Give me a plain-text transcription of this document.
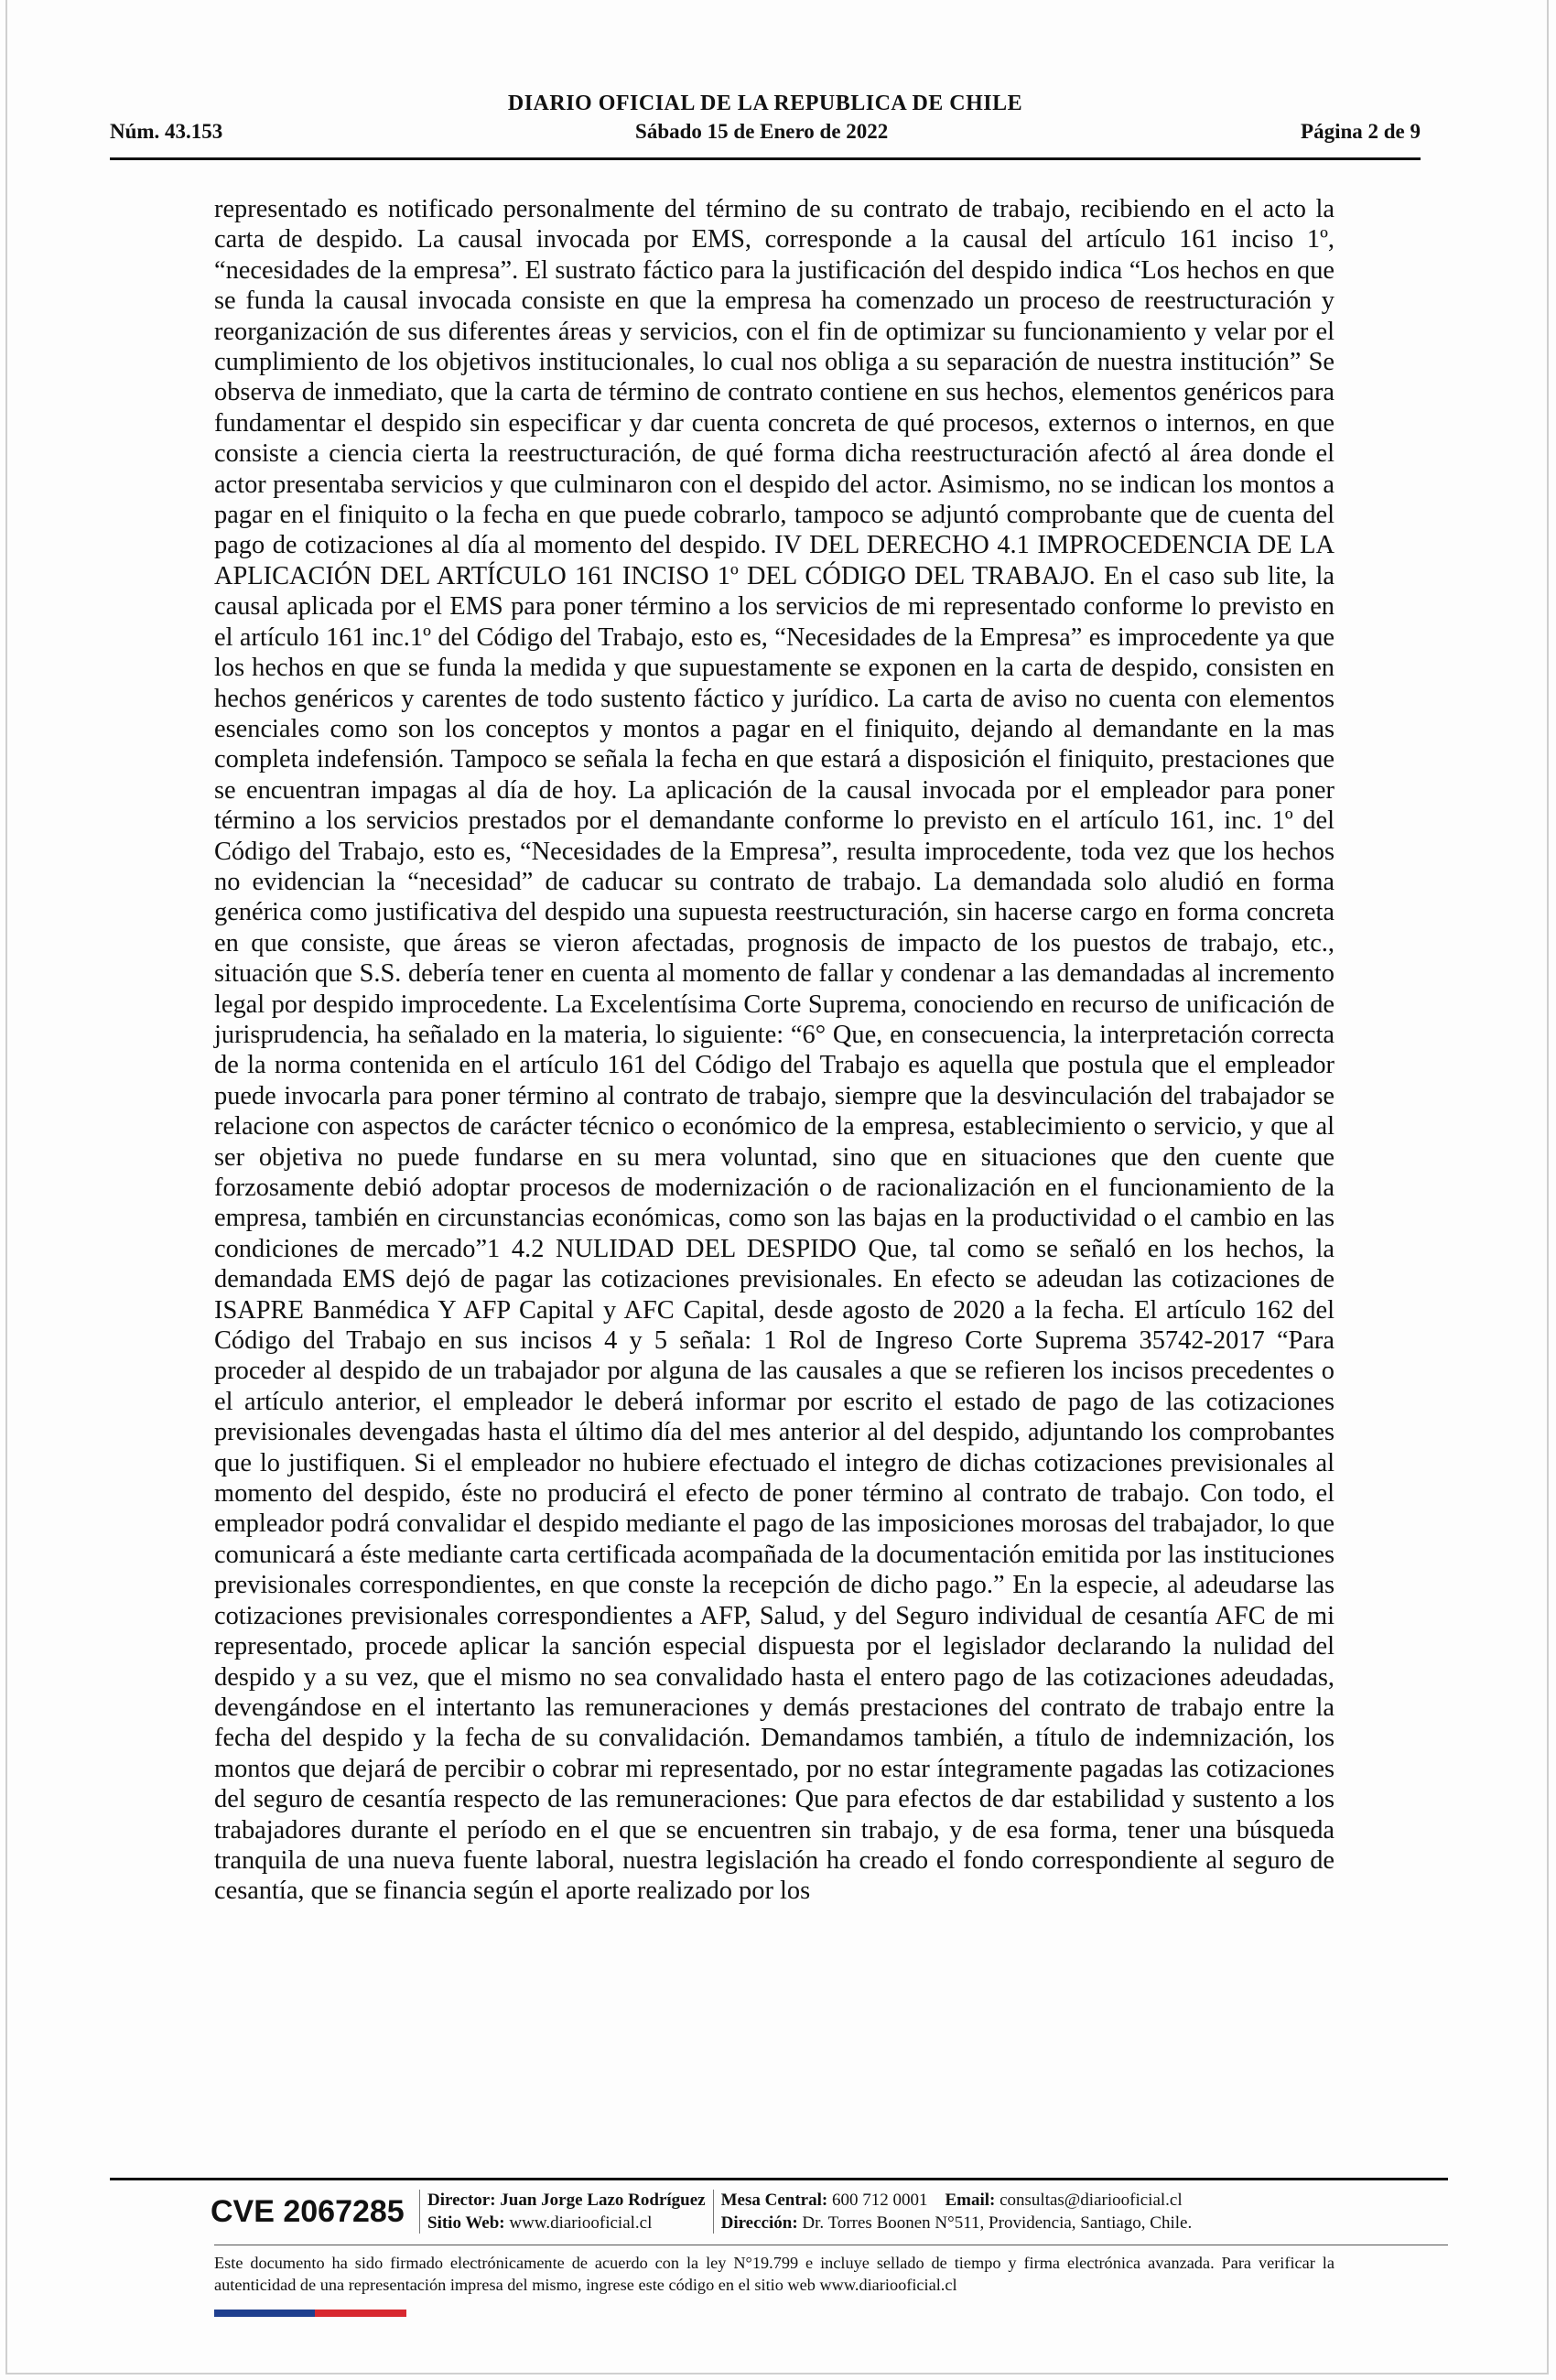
DIARIO OFICIAL DE LA REPUBLICA DE CHILE
Núm. 43.153	Sábado 15 de Enero de 2022	Página 2 de 9

representado es notificado personalmente del término de su contrato de trabajo, recibiendo en el acto la carta de despido. La causal invocada por EMS, corresponde a la causal del artículo 161 inciso 1º, “necesidades de la empresa”. El sustrato fáctico para la justificación del despido indica “Los hechos en que se funda la causal invocada consiste en que la empresa ha comenzado un proceso de reestructuración y reorganización de sus diferentes áreas y servicios, con el fin de optimizar su funcionamiento y velar por el cumplimiento de los objetivos institucionales, lo cual nos obliga a su separación de nuestra institución” Se observa de inmediato, que la carta de término de contrato contiene en sus hechos, elementos genéricos para fundamentar el despido sin especificar y dar cuenta concreta de qué procesos, externos o internos, en que consiste a ciencia cierta la reestructuración, de qué forma dicha reestructuración afectó al área donde el actor presentaba servicios y que culminaron con el despido del actor. Asimismo, no se indican los montos a pagar en el finiquito o la fecha en que puede cobrarlo, tampoco se adjuntó comprobante que de cuenta del pago de cotizaciones al día al momento del despido. IV DEL DERECHO 4.1 IMPROCEDENCIA DE LA APLICACIÓN DEL ARTÍCULO 161 INCISO 1º DEL CÓDIGO DEL TRABAJO. En el caso sub lite, la causal aplicada por el EMS para poner término a los servicios de mi representado conforme lo previsto en el artículo 161 inc.1º del Código del Trabajo, esto es, “Necesidades de la Empresa” es improcedente ya que los hechos en que se funda la medida y que supuestamente se exponen en la carta de despido, consisten en hechos genéricos y carentes de todo sustento fáctico y jurídico. La carta de aviso no cuenta con elementos esenciales como son los conceptos y montos a pagar en el finiquito, dejando al demandante en la mas completa indefensión. Tampoco se señala la fecha en que estará a disposición el finiquito, prestaciones que se encuentran impagas al día de hoy. La aplicación de la causal invocada por el empleador para poner término a los servicios prestados por el demandante conforme lo previsto en el artículo 161, inc. 1º del Código del Trabajo, esto es, “Necesidades de la Empresa”, resulta improcedente, toda vez que los hechos no evidencian la “necesidad” de caducar su contrato de trabajo. La demandada solo aludió en forma genérica como justificativa del despido una supuesta reestructuración, sin hacerse cargo en forma concreta en que consiste, que áreas se vieron afectadas, prognosis de impacto de los puestos de trabajo, etc., situación que S.S. debería tener en cuenta al momento de fallar y condenar a las demandadas al incremento legal por despido improcedente. La Excelentísima Corte Suprema, conociendo en recurso de unificación de jurisprudencia, ha señalado en la materia, lo siguiente: “6° Que, en consecuencia, la interpretación correcta de la norma contenida en el artículo 161 del Código del Trabajo es aquella que postula que el empleador puede invocarla para poner término al contrato de trabajo, siempre que la desvinculación del trabajador se relacione con aspectos de carácter técnico o económico de la empresa, establecimiento o servicio, y que al ser objetiva no puede fundarse en su mera voluntad, sino que en situaciones que den cuente que forzosamente debió adoptar procesos de modernización o de racionalización en el funcionamiento de la empresa, también en circunstancias económicas, como son las bajas en la productividad o el cambio en las condiciones de mercado”1 4.2 NULIDAD DEL DESPIDO Que, tal como se señaló en los hechos, la demandada EMS dejó de pagar las cotizaciones previsionales. En efecto se adeudan las cotizaciones de ISAPRE Banmédica Y AFP Capital y AFC Capital, desde agosto de 2020 a la fecha. El artículo 162 del Código del Trabajo en sus incisos 4 y 5 señala: 1 Rol de Ingreso Corte Suprema 35742-2017 “Para proceder al despido de un trabajador por alguna de las causales a que se refieren los incisos precedentes o el artículo anterior, el empleador le deberá informar por escrito el estado de pago de las cotizaciones previsionales devengadas hasta el último día del mes anterior al del despido, adjuntando los comprobantes que lo justifiquen. Si el empleador no hubiere efectuado el integro de dichas cotizaciones previsionales al momento del despido, éste no producirá el efecto de poner término al contrato de trabajo. Con todo, el empleador podrá convalidar el despido mediante el pago de las imposiciones morosas del trabajador, lo que comunicará a éste mediante carta certificada acompañada de la documentación emitida por las instituciones previsionales correspondientes, en que conste la recepción de dicho pago.” En la especie, al adeudarse las cotizaciones previsionales correspondientes a AFP, Salud, y del Seguro individual de cesantía AFC de mi representado, procede aplicar la sanción especial dispuesta por el legislador declarando la nulidad del despido y a su vez, que el mismo no sea convalidado hasta el entero pago de las cotizaciones adeudadas, devengándose en el intertanto las remuneraciones y demás prestaciones del contrato de trabajo entre la fecha del despido y la fecha de su convalidación. Demandamos también, a título de indemnización, los montos que dejará de percibir o cobrar mi representado, por no estar íntegramente pagadas las cotizaciones del seguro de cesantía respecto de las remuneraciones: Que para efectos de dar estabilidad y sustento a los trabajadores durante el período en el que se encuentren sin trabajo, y de esa forma, tener una búsqueda tranquila de una nueva fuente laboral, nuestra legislación ha creado el fondo correspondiente al seguro de cesantía, que se financia según el aporte realizado por los

CVE 2067285	Director: Juan Jorge Lazo Rodríguez
Sitio Web: www.diariooficial.cl
Mesa Central: 600 712 0001 Email: consultas@diariooficial.cl
Dirección: Dr. Torres Boonen N°511, Providencia, Santiago, Chile.

Este documento ha sido firmado electrónicamente de acuerdo con la ley N°19.799 e incluye sellado de tiempo y firma electrónica avanzada. Para verificar la autenticidad de una representación impresa del mismo, ingrese este código en el sitio web www.diariooficial.cl
